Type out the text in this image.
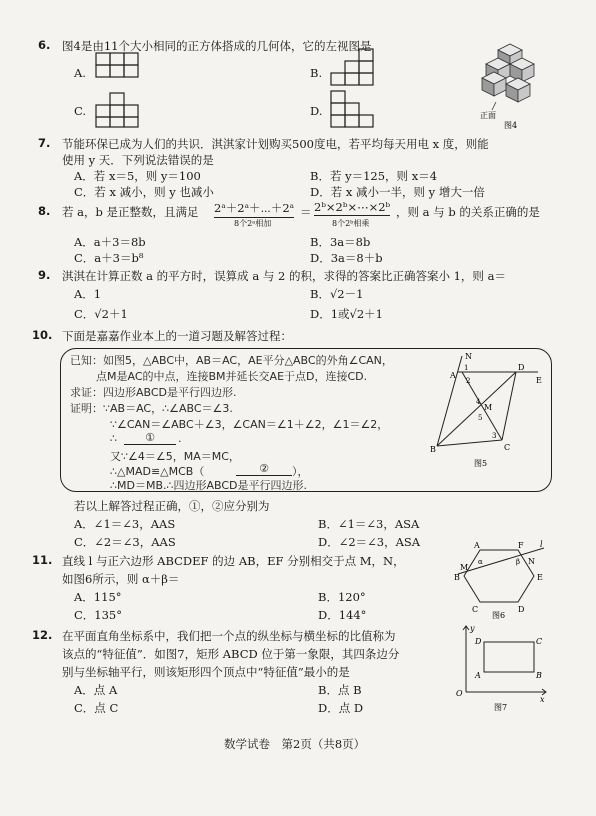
6. 图4是由11个大小相同的正方体搭成的几何体，它的左视图是
A.	B.
C.	D.	正面
图4
7. 节能环保已成为人们的共识．淇淇家计划购买500度电，若平均每天用电 x 度，则能
使用 y 天．下列说法错误的是
A．若 x＝5，则 y＝100	B．若 y＝125，则 x＝4
C．若 x 减小，则 y 也减小	D．若 x 减小一半，则 y 增大一倍
8. 若 a，b 是正整数，且满足 2ᵃ＋2ᵃ＋⋯＋2ᵃ
8个2ᵃ相加
＝ 2ᵇ×2ᵇ×⋯×2ᵇ
8个2ᵇ相乘
，则 a 与 b 的关系正确的是
A．a＋3＝8b	B．3a＝8b
C．a＋3＝b⁸	D．3a＝8＋b
9. 淇淇在计算正数 a 的平方时，误算成 a 与 2 的积，求得的答案比正确答案小 1，则 a＝
A．1	B．√2－1
C．√2＋1	D．1或√2＋1
10. 下面是嘉嘉作业本上的一道习题及解答过程：
已知：如图5，△ABC中，AB＝AC，AE平分△ABC的外角∠CAN，
点M是AC的中点，连接BM并延长交AE于点D，连接CD.
求证：四边形ABCD是平行四边形.
证明：∵AB＝AC，∴∠ABC＝∠3.
∵∠CAN＝∠ABC＋∠3，∠CAN＝∠1＋∠2，∠1＝∠2，
∴	①	.
又∵∠4＝∠5，MA＝MC，
∴△MAD≌△MCB（	②	），
∴MD＝MB.∴四边形ABCD是平行四边形.
N
A
D
E
1
2
4
M
5
3
B	C
图5
若以上解答过程正确，①，②应分别为
A．∠1＝∠3，AAS	B．∠1＝∠3，ASA
C．∠2＝∠3，AAS	D．∠2＝∠3，ASA
11. 直线 l 与正六边形 ABCDEF 的边 AB，EF 分别相交于点 M，N，
如图6所示，则 α＋β＝
A．115°	B．120°
C．135°	D．144°
A	F l
α	β
M
N
B	E
C	D
图6
12. 在平面直角坐标系中，我们把一个点的纵坐标与横坐标的比值称为
该点的“特征值”．如图7，矩形 ABCD 位于第一象限，其四条边分
别与坐标轴平行，则该矩形四个顶点中“特征值”最小的是
A．点 A	B．点 B
C．点 C	D．点 D
y
D	C
A	B
O
x
图7
数学试卷　第2页（共8页）
